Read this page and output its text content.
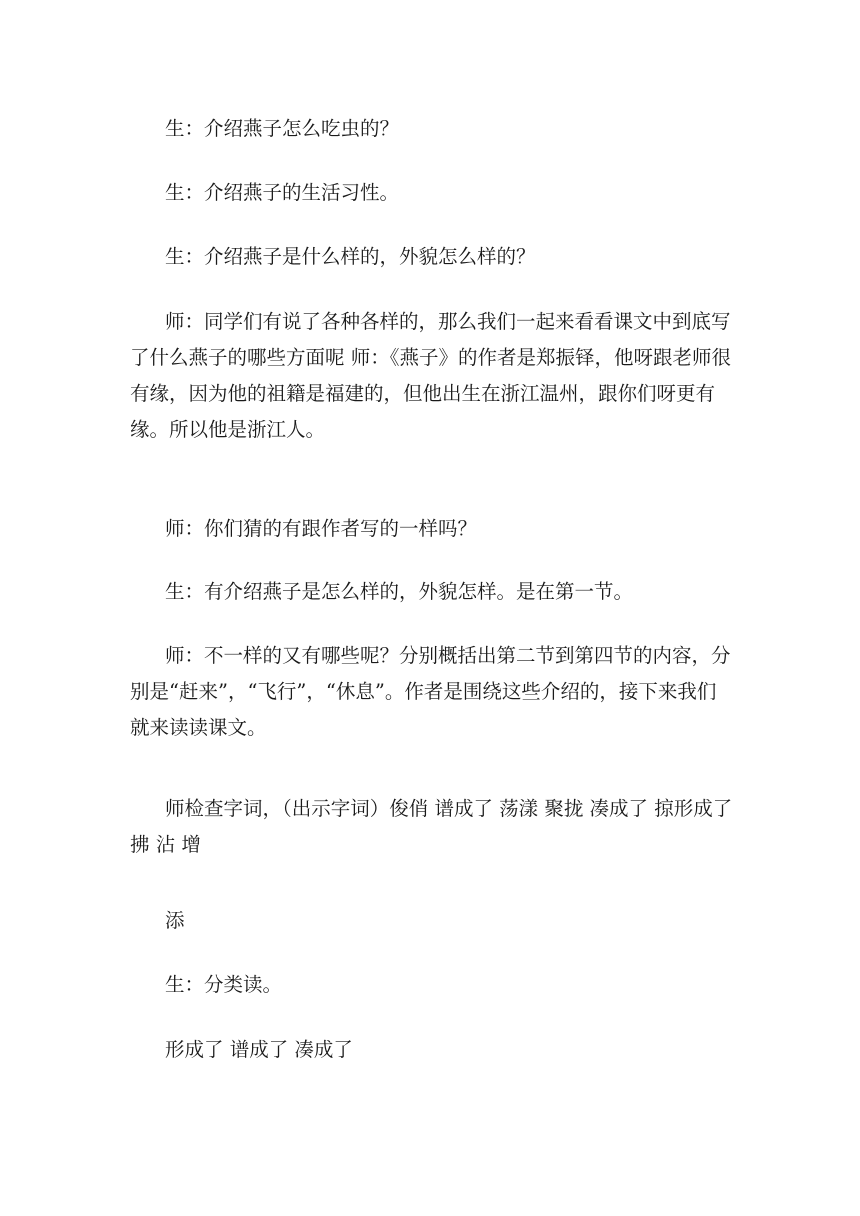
生：介绍燕子怎么吃虫的？

生：介绍燕子的生活习性。

生：介绍燕子是什么样的，外貌怎么样的？

师：同学们有说了各种各样的，那么我们一起来看看课文中到底写了什么燕子的哪些方面呢 师：《燕子》的作者是郑振铎，他呀跟老师很有缘，因为他的祖籍是福建的，但他出生在浙江温州，跟你们呀更有缘。所以他是浙江人。

师：你们猜的有跟作者写的一样吗？

生：有介绍燕子是怎么样的，外貌怎样。是在第一节。

师：不一样的又有哪些呢？分别概括出第二节到第四节的内容，分别是“赶来”，“飞行”，“休息”。作者是围绕这些介绍的，接下来我们就来读读课文。

师检查字词，（出示字词）俊俏 谱成了 荡漾 聚拢 凑成了 掠形成了 拂 沾 增

添

生：分类读。

形成了 谱成了 凑成了
